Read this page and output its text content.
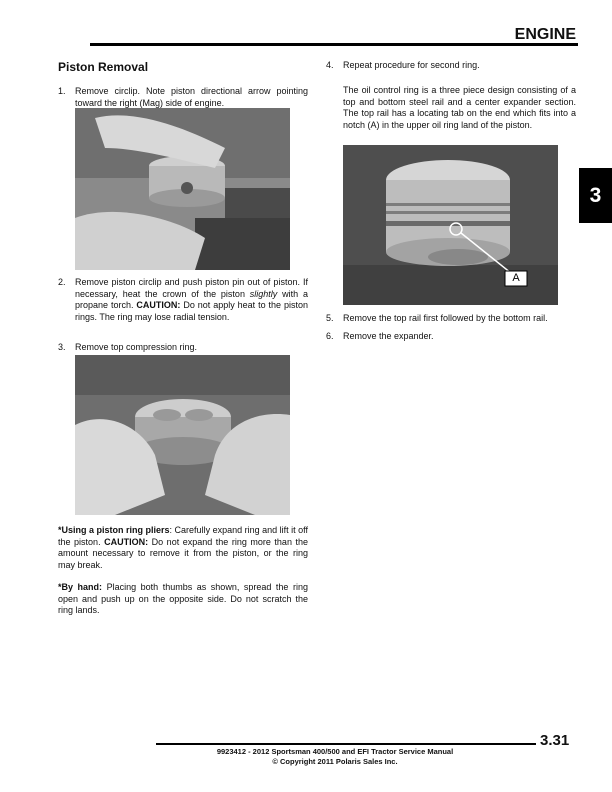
ENGINE
3
Piston Removal
1. Remove circlip. Note piston directional arrow pointing toward the right (Mag) side of engine.
2. Remove piston circlip and push piston pin out of piston. If necessary, heat the crown of the piston slightly with a propane torch. CAUTION: Do not apply heat to the piston rings. The ring may lose radial tension.
3. Remove top compression ring.
*Using a piston ring pliers: Carefully expand ring and lift it off the piston. CAUTION: Do not expand the ring more than the amount necessary to remove it from the piston, or the ring may break.
*By hand: Placing both thumbs as shown, spread the ring open and push up on the opposite side. Do not scratch the ring lands.
4. Repeat procedure for second ring.
The oil control ring is a three piece design consisting of a top and bottom steel rail and a center expander section. The top rail has a locating tab on the end which fits into a notch (A) in the upper oil ring land of the piston.
A
5. Remove the top rail first followed by the bottom rail.
6. Remove the expander.
3.31
9923412 - 2012 Sportsman 400/500 and EFI Tractor Service Manual
© Copyright 2011 Polaris Sales Inc.
